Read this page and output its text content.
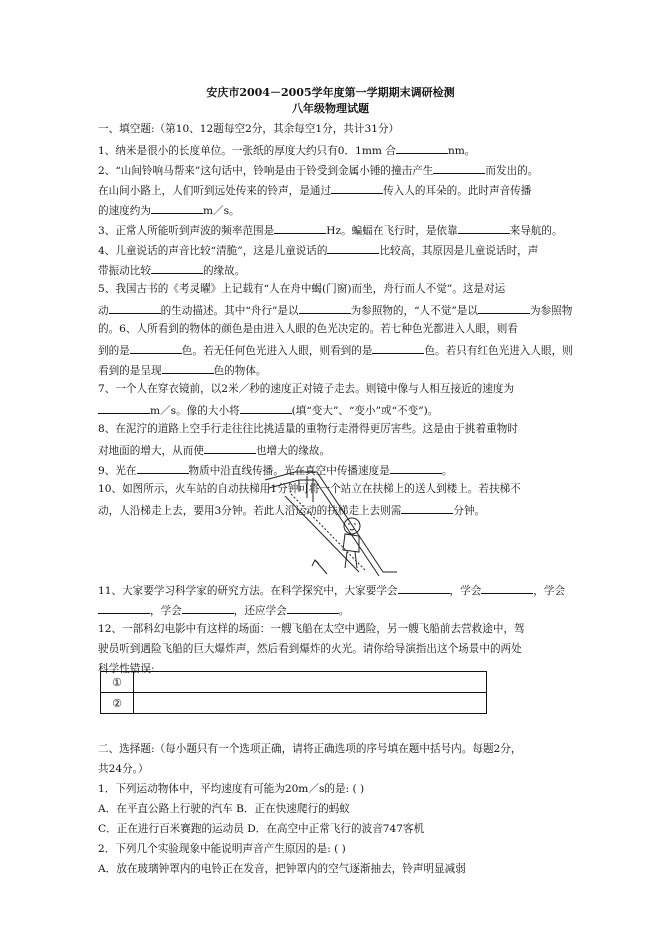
安庆市2004－2005学年度第一学期期末调研检测
八年级物理试题
一、填空题:（第10、12题每空2分，其余每空1分，共计31分）
1、纳米是很小的长度单位。一张纸的厚度大约只有0．1mm 合	nm。
2、“山间铃响马帮来”这句话中，铃响是由于铃受到金属小锤的撞击产生	而发出的。
在山间小路上，人们听到远处传来的铃声，是通过	传入人的耳朵的。此时声音传播
的速度约为	m／s。
3、正常人所能听到声波的频率范围是	Hz。蝙蝠在飞行时，是依靠	来导航的。
4、儿童说话的声音比较“清脆”，这是儿童说话的	比较高，其原因是儿童说话时，声
带振动比较	的缘故。
5、我国古书的《考灵曜》上记载有“人在舟中蝎(门窗)而坐，舟行而人不觉”。这是对运
动	的生动描述。其中“舟行”是以	为参照物的，“人不觉”是以	为参照物
的。6、人所看到的物体的颜色是由进入人眼的色光决定的。若七种色光都进入人眼，则看
到的是	色。若无任何色光进入人眼，则看到的是	色。若只有红色光进入人眼，则
看到的是呈现	色的物体。
7、一个人在穿衣镜前，以2米／秒的速度正对镜子走去。则镜中像与人相互接近的速度为
m／s。像的大小将	(填“变大”、“变小”或“不变”)。
8、在泥泞的道路上空手行走往往比挑适量的重物行走滑得更厉害些。这是由于挑着重物时
对地面的增大，从而使	也增大的缘故。
9、光在	物质中沿直线传播。光在真空中传播速度是	。
10、如图所示，火车站的自动扶梯用1分钟可将一个站立在扶梯上的送人到楼上。若扶梯不
动，人沿梯走上去，要用3分钟。若此人沿运动的扶梯走上去则需	分钟。
11、大家要学习科学家的研究方法。在科学探究中，大家要学会	，学会	，学会
，学会	，还应学会	。
12、一部科幻电影中有这样的场面：一艘飞船在太空中遇险，另一艘飞船前去营救途中，驾
驶员听到遇险飞船的巨大爆炸声，然后看到爆炸的火光。请你给导演指出这个场景中的两处
科学性错误:
二、选择题:（每小题只有一个选项正确，请将正确选项的序号填在题中括号内。每题2分，
共24分。）
1．下列运动物体中，平均速度有可能为20m／s的是: ( )
A．在平直公路上行驶的汽车 B．正在快速爬行的蚂蚁
C．正在进行百米赛跑的运动员 D．在高空中正常飞行的波音747客机
2．下列几个实验现象中能说明声音产生原因的是: ( )
A．放在玻璃钟罩内的电铃正在发音，把钟罩内的空气逐渐抽去，铃声明显减弱
①	
②	
